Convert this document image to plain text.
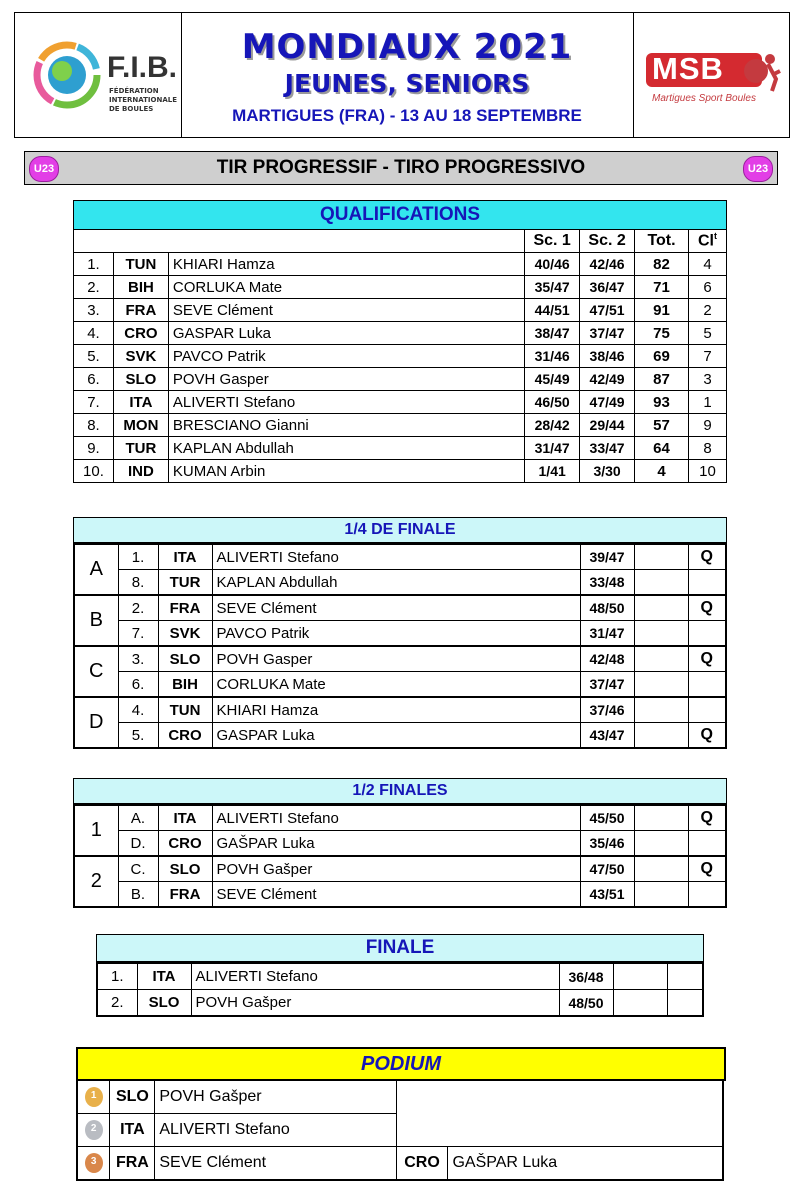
F.I.B.
FÉDÉRATION
INTERNATIONALE
DE BOULES
MONDIAUX 2021
JEUNES, SENIORS
MARTIGUES (FRA) - 13 AU 18 SEPTEMBRE
MSB
Martigues Sport Boules
U23	TIR PROGRESSIF - TIRO PROGRESSIVO	U23
QUALIFICATIONS						
			Sc. 1	Sc. 2	Tot.	Cl$^t$
1.	TUN	KHIARI Hamza	40/46	42/46	82	4
2.	BIH	CORLUKA Mate	35/47	36/47	71	6
3.	FRA	SEVE Clément	44/51	47/51	91	2
4.	CRO	GASPAR Luka	38/47	37/47	75	5
5.	SVK	PAVCO Patrik	31/46	38/46	69	7
6.	SLO	POVH Gasper	45/49	42/49	87	3
7.	ITA	ALIVERTI Stefano	46/50	47/49	93	1
8.	MON	BRESCIANO Gianni	28/42	29/44	57	9
9.	TUR	KAPLAN Abdullah	31/47	33/47	64	8
10.	IND	KUMAN Arbin	1/41	3/30	4	10
1/4 DE FINALE
A	1.	ITA	ALIVERTI Stefano	39/47		Q
	8.	TUR	KAPLAN Abdullah	33/48		
B	2.	FRA	SEVE Clément	48/50		Q
	7.	SVK	PAVCO Patrik	31/47		
C	3.	SLO	POVH Gasper	42/48		Q
	6.	BIH	CORLUKA Mate	37/47		
D	4.	TUN	KHIARI Hamza	37/46		
	5.	CRO	GASPAR Luka	43/47		Q
1/2 FINALES
1	A.	ITA	ALIVERTI Stefano	45/50		Q
	D.	CRO	GAŠPAR Luka	35/46		
2	C.	SLO	POVH Gašper	47/50		Q
	B.	FRA	SEVE Clément	43/51		
FINALE
1.	ITA	ALIVERTI Stefano	36/48		
2.	SLO	POVH Gašper	48/50		
PODIUM
1	SLO	POVH Gašper		

2	ITA	ALIVERTI Stefano		

3	FRA	SEVE Clément	CRO	GAŠPAR Luka
